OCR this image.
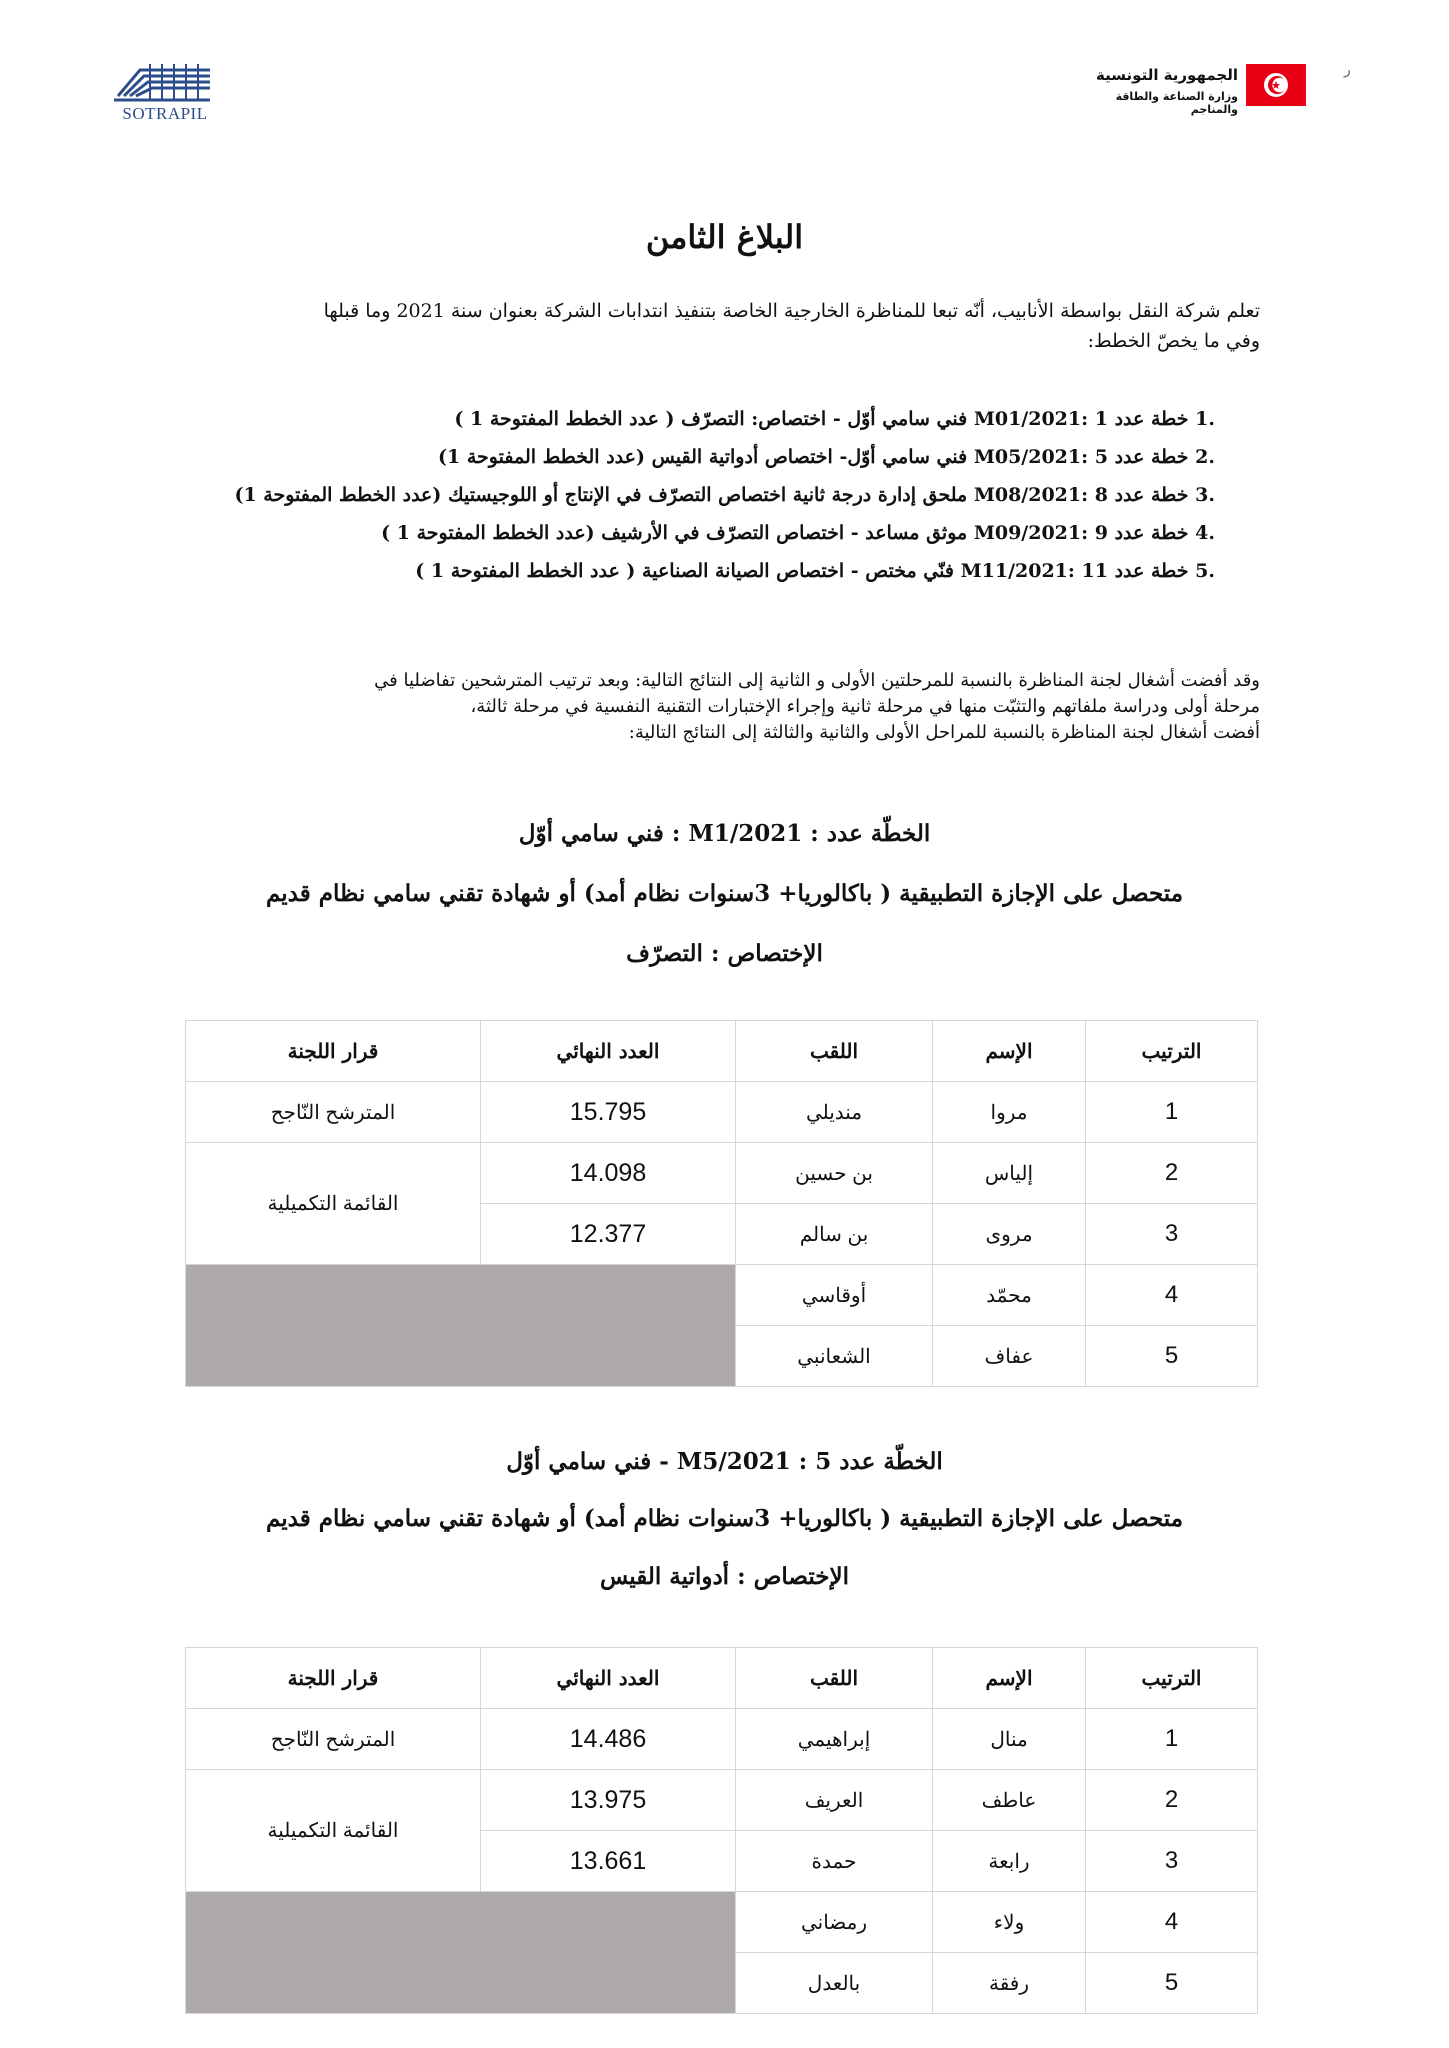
SOTRAPIL
الجمهورية التونسية
وزارة الصناعة والطاقة والمناجم
ر
البلاغ الثامن
تعلم شركة النقل بواسطة الأنابيب، أنّه تبعا للمناظرة الخارجية الخاصة بتنفيذ انتدابات الشركة بعنوان سنة 2021 وما قبلها
وفي ما يخصّ الخطط:
.1 خطة عدد 1 :M01/2021 فني سامي أوّل - اختصاص: التصرّف ( عدد الخطط المفتوحة 1 )
.2 خطة عدد 5 :M05/2021 فني سامي أوّل- اختصاص أدواتية القيس (عدد الخطط المفتوحة 1)
.3 خطة عدد 8 :M08/2021 ملحق إدارة درجة ثانية اختصاص التصرّف في الإنتاج أو اللوجيستيك (عدد الخطط المفتوحة 1)
.4 خطة عدد 9 :M09/2021 موثق مساعد - اختصاص التصرّف في الأرشيف (عدد الخطط المفتوحة 1 )
.5 خطة عدد 11 :M11/2021 فنّي مختص - اختصاص الصيانة الصناعية ( عدد الخطط المفتوحة 1 )
وقد أفضت أشغال لجنة المناظرة بالنسبة للمرحلتين الأولى و الثانية إلى النتائج التالية: وبعد ترتيب المترشحين تفاضليا في
مرحلة أولى ودراسة ملفاتهم والتثبّت منها في مرحلة ثانية وإجراء الإختبارات التقنية النفسية في مرحلة ثالثة،
أفضت أشغال لجنة المناظرة بالنسبة للمراحل الأولى والثانية والثالثة إلى النتائج التالية:
الخطّة عدد : M1/2021 : فني سامي أوّل
متحصل على الإجازة التطبيقية ( باكالوريا+ 3سنوات نظام أمد) أو شهادة تقني سامي نظام قديم
الإختصاص : التصرّف
الترتيب	الإسم	اللقب	العدد النهائي	قرار اللجنة
1	مروا	منديلي	15.795	المترشح النّاجح
2	إلياس	بن حسين	14.098	القائمة التكميلية
3	مروى	بن سالم	12.377	
4	محمّد	أوقاسي		
5	عفاف	الشعانبي		
الخطّة عدد 5 : M5/2021 - فني سامي أوّل
متحصل على الإجازة التطبيقية ( باكالوريا+ 3سنوات نظام أمد) أو شهادة تقني سامي نظام قديم
الإختصاص : أدواتية القيس
الترتيب	الإسم	اللقب	العدد النهائي	قرار اللجنة
1	منال	إبراهيمي	14.486	المترشح النّاجح
2	عاطف	العريف	13.975	القائمة التكميلية
3	رابعة	حمدة	13.661	
4	ولاء	رمضاني		
5	رفقة	بالعدل		
